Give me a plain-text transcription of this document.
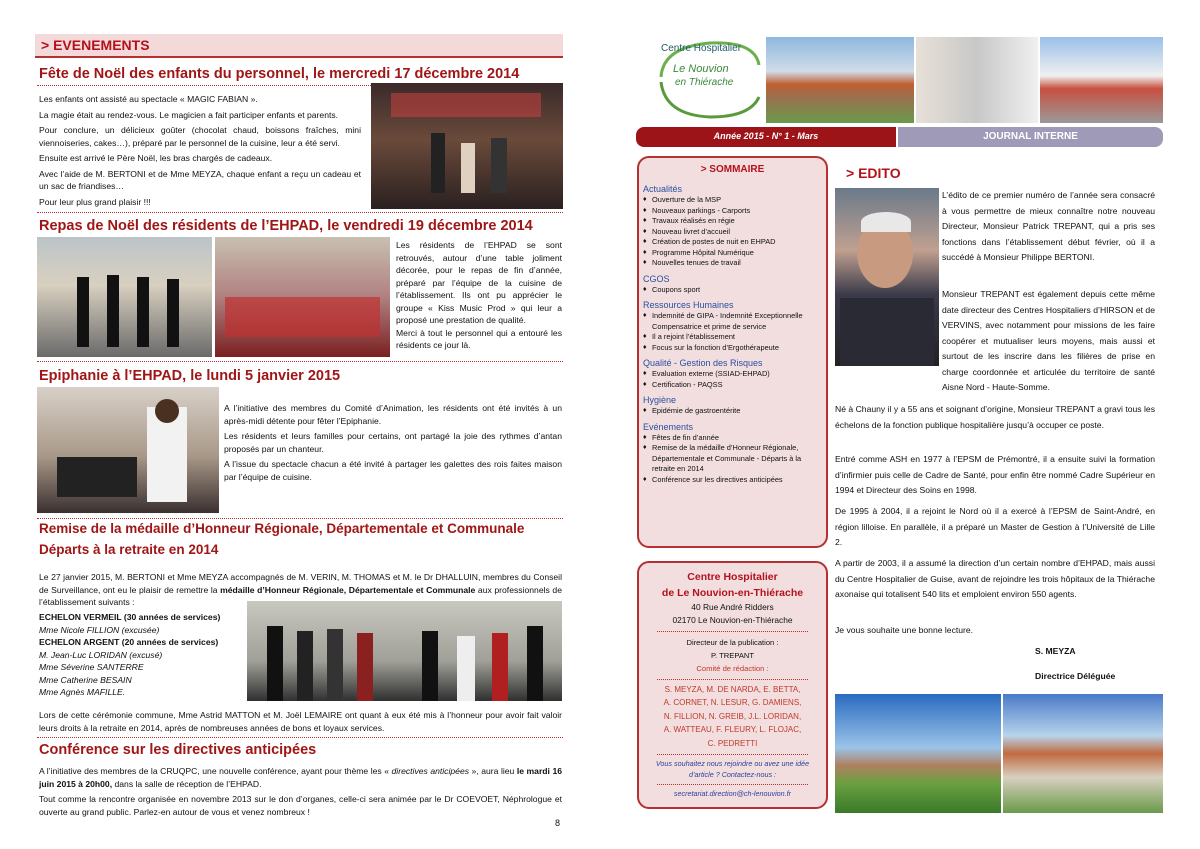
> EVENEMENTS
Fête de Noël des enfants du personnel, le mercredi 17 décembre 2014

Les enfants ont assisté au spectacle « MAGIC FABIAN ».

La magie était au rendez-vous. Le magicien a fait participer enfants et parents.

Pour conclure, un délicieux goûter (chocolat chaud, boissons fraîches, mini viennoiseries, cakes…), préparé par le personnel de la cuisine, leur a été servi.

Ensuite est arrivé le Père Noël, les bras chargés de cadeaux.

Avec l’aide de M. BERTONI et de Mme MEYZA, chaque enfant a reçu un cadeau et un sac de friandises…

Pour leur plus grand plaisir !!!

Repas de Noël des résidents de l’EHPAD, le vendredi 19 décembre 2014

Les résidents de l’EHPAD se sont retrouvés, autour d’une table joliment décorée, pour le repas de fin d’année, préparé par l’équipe de la cuisine de l’établissement. Ils ont pu apprécier le groupe « Kiss Music Prod » qui leur a proposé une prestation de qualité.

Merci à tout le personnel qui a entouré les résidents ce jour là.

Epiphanie à l’EHPAD, le lundi 5 janvier 2015

A l’initiative des membres du Comité d’Animation, les résidents ont été invités à un après-midi détente pour fêter l’Epiphanie.

Les résidents et leurs familles pour certains, ont partagé la joie des rythmes d’antan proposés par un chanteur.

A l’issue du spectacle chacun a été invité à partager les galettes des rois faites maison par l’équipe de cuisine.

Remise de la médaille d’Honneur Régionale, Départementale et Communale
Départs à la retraite en 2014
Le 27 janvier 2015, M. BERTONI et Mme MEYZA accompagnés de M. VERIN, M. THOMAS et M. le Dr DHALLUIN, membres du Conseil de Surveillance, ont eu le plaisir de remettre la médaille d’Honneur Régionale, Départementale et Communale aux professionnels de l’établissement suivants :
ECHELON VERMEIL (30 années de services)
Mme Nicole FILLION (excusée)
ECHELON ARGENT (20 années de services)
M. Jean-Luc LORIDAN (excusé)
Mme Séverine SANTERRE
Mme Catherine BESAIN
Mme Agnès MAFILLE.
Lors de cette cérémonie commune, Mme Astrid MATTON et M. Joël LEMAIRE ont quant à eux été mis à l’honneur pour avoir fait valoir leurs droits à la retraite en 2014, après de nombreuses années de bons et loyaux services.
Conférence sur les directives anticipées

A l’initiative des membres de la CRUQPC, une nouvelle conférence, ayant pour thème les « directives anticipées », aura lieu le mardi 16 juin 2015 à 20h00, dans la salle de réception de l’EHPAD.

Tout comme la rencontre organisée en novembre 2013 sur le don d’organes, celle-ci sera animée par le Dr COEVOET, Néphrologue et ouverte au grand public. Parlez-en autour de vous et venez nombreux !

8
Centre Hospitalier
Le Nouvion
en Thiérache
Année 2015 - N° 1 - Mars	JOURNAL INTERNE
> SOMMAIRE
Actualités
♦ Ouverture de la MSP
♦ Nouveaux parkings - Carports
♦ Travaux réalisés en régie
♦ Nouveau livret d’accueil
♦ Création de postes de nuit en EHPAD
♦ Programme Hôpital Numérique
♦ Nouvelles tenues de travail
CGOS
♦ Coupons sport
Ressources Humaines
♦ Indemnité de GIPA - Indemnité Exceptionnelle Compensatrice et prime de service
♦ Il a rejoint l’établissement
♦ Focus sur la fonction d’Ergothérapeute
Qualité - Gestion des Risques
♦ Evaluation externe (SSIAD-EHPAD)
♦ Certification - PAQSS
Hygiène
♦ Epidémie de gastroentérite
Evénements
♦ Fêtes de fin d’année
♦ Remise de la médaille d’Honneur Régionale, Départementale et Communale - Départs à la retraite en 2014
♦ Conférence sur les directives anticipées
Centre Hospitalier
de Le Nouvion-en-Thiérache
40 Rue André Ridders
02170 Le Nouvion-en-Thiérache
Directeur de la publication :
P. TREPANT
Comité de rédaction :
S. MEYZA, M. DE NARDA, E. BETTA,
A. CORNET, N. LESUR, G. DAMIENS,
N. FILLION, N. GREIB, J.L. LORIDAN,
A. WATTEAU, F. FLEURY, L. FLOJAC,
C. PEDRETTI
Vous souhaitez nous rejoindre ou avez une idée
d’article ? Contactez-nous :
secretariat.direction@ch-lenouvion.fr
> EDITO
L’édito de ce premier numéro de l’année sera consacré à vous permettre de mieux connaître notre nouveau Directeur, Monsieur Patrick TREPANT, qui a pris ses fonctions dans l’établissement début février, où il a succédé à Monsieur Philippe BERTONI.
Monsieur TREPANT est également depuis cette même date directeur des Centres Hospitaliers d’HIRSON et de VERVINS, avec notamment pour missions de les faire coopérer et mutualiser leurs moyens, mais aussi et surtout de les inscrire dans les filières de prise en charge coordonnée et articulée du territoire de santé Aisne Nord - Haute-Somme.
Né à Chauny il y a 55 ans et soignant d’origine, Monsieur TREPANT a gravi tous les échelons de la fonction publique hospitalière jusqu’à occuper ce poste.
Entré comme ASH en 1977 à l’EPSM de Prémontré, il a ensuite suivi la formation d’infirmier puis celle de Cadre de Santé, pour enfin être nommé Cadre Supérieur en 1994 et Directeur des Soins en 1998.
De 1995 à 2004, il a rejoint le Nord où il a exercé à l’EPSM de Saint-André, en région lilloise. En parallèle, il a préparé un Master de Gestion à l’Université de Lille 2.
A partir de 2003, il a assumé la direction d’un certain nombre d’EHPAD, mais aussi du Centre Hospitalier de Guise, avant de rejoindre les trois hôpitaux de la Thiérache axonaise qui totalisent 540 lits et emploient environ 550 agents.
Je vous souhaite une bonne lecture.
S. MEYZA
Directrice Déléguée
